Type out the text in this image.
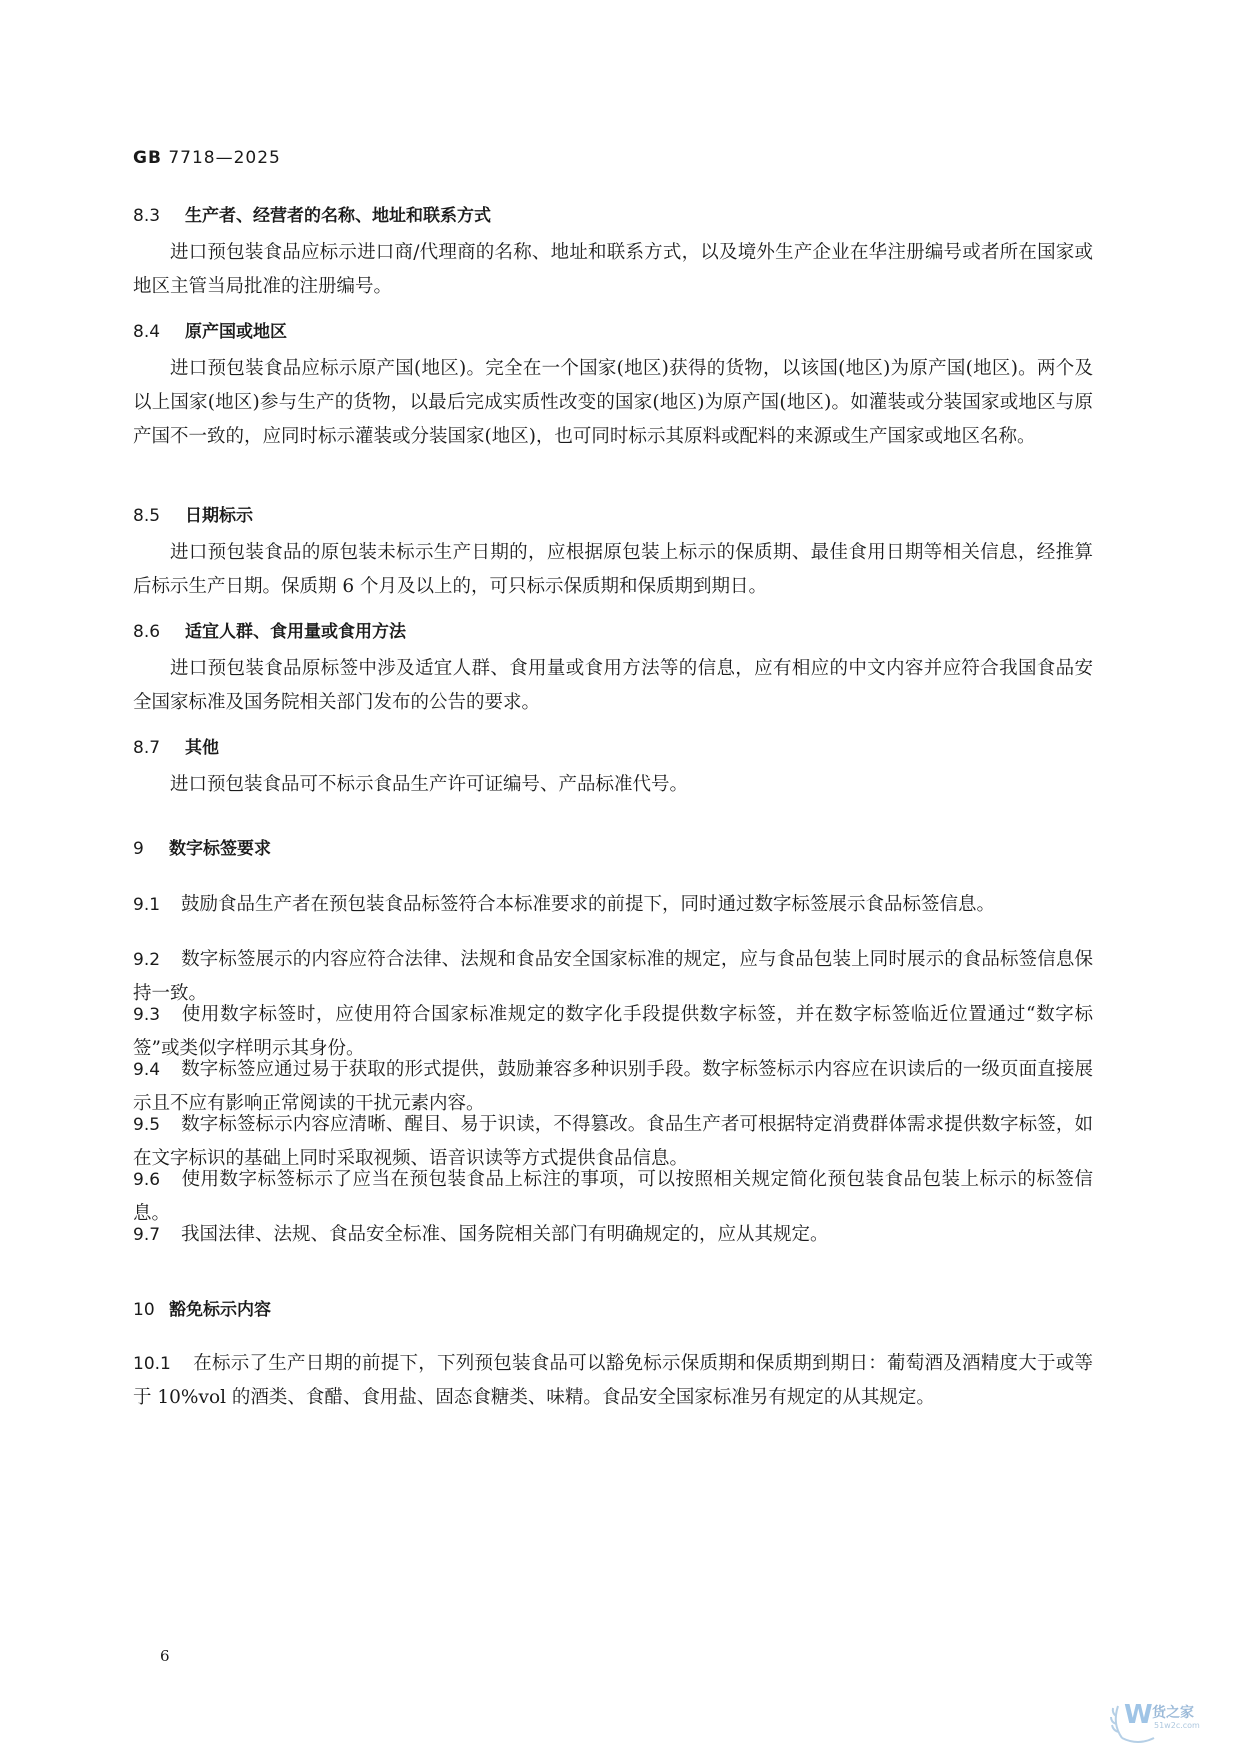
GB 7718—2025
8.3 生产者、经营者的名称、地址和联系方式

进口预包装食品应标示进口商/代理商的名称、地址和联系方式，以及境外生产企业在华注册编号或者所在国家或地区主管当局批准的注册编号。

8.4 原产国或地区

进口预包装食品应标示原产国(地区)。完全在一个国家(地区)获得的货物，以该国(地区)为原产国(地区)。两个及以上国家(地区)参与生产的货物，以最后完成实质性改变的国家(地区)为原产国(地区)。如灌装或分装国家或地区与原产国不一致的，应同时标示灌装或分装国家(地区)，也可同时标示其原料或配料的来源或生产国家或地区名称。

8.5 日期标示

进口预包装食品的原包装未标示生产日期的，应根据原包装上标示的保质期、最佳食用日期等相关信息，经推算后标示生产日期。保质期 6 个月及以上的，可只标示保质期和保质期到期日。

8.6 适宜人群、食用量或食用方法

进口预包装食品原标签中涉及适宜人群、食用量或食用方法等的信息，应有相应的中文内容并应符合我国食品安全国家标准及国务院相关部门发布的公告的要求。

8.7 其他

进口预包装食品可不标示食品生产许可证编号、产品标准代号。

9 数字标签要求

9.1 鼓励食品生产者在预包装食品标签符合本标准要求的前提下，同时通过数字标签展示食品标签信息。

9.2 数字标签展示的内容应符合法律、法规和食品安全国家标准的规定，应与食品包装上同时展示的食品标签信息保持一致。

9.3 使用数字标签时，应使用符合国家标准规定的数字化手段提供数字标签，并在数字标签临近位置通过“数字标签”或类似字样明示其身份。

9.4 数字标签应通过易于获取的形式提供，鼓励兼容多种识别手段。数字标签标示内容应在识读后的一级页面直接展示且不应有影响正常阅读的干扰元素内容。

9.5 数字标签标示内容应清晰、醒目、易于识读，不得篡改。食品生产者可根据特定消费群体需求提供数字标签，如在文字标识的基础上同时采取视频、语音识读等方式提供食品信息。

9.6 使用数字标签标示了应当在预包装食品上标注的事项，可以按照相关规定简化预包装食品包装上标示的标签信息。

9.7 我国法律、法规、食品安全标准、国务院相关部门有明确规定的，应从其规定。

10 豁免标示内容

10.1 在标示了生产日期的前提下，下列预包装食品可以豁免标示保质期和保质期到期日：葡萄酒及酒精度大于或等于 10%vol 的酒类、食醋、食用盐、固态食糖类、味精。食品安全国家标准另有规定的从其规定。

6
W 货之家
51w2c.com
